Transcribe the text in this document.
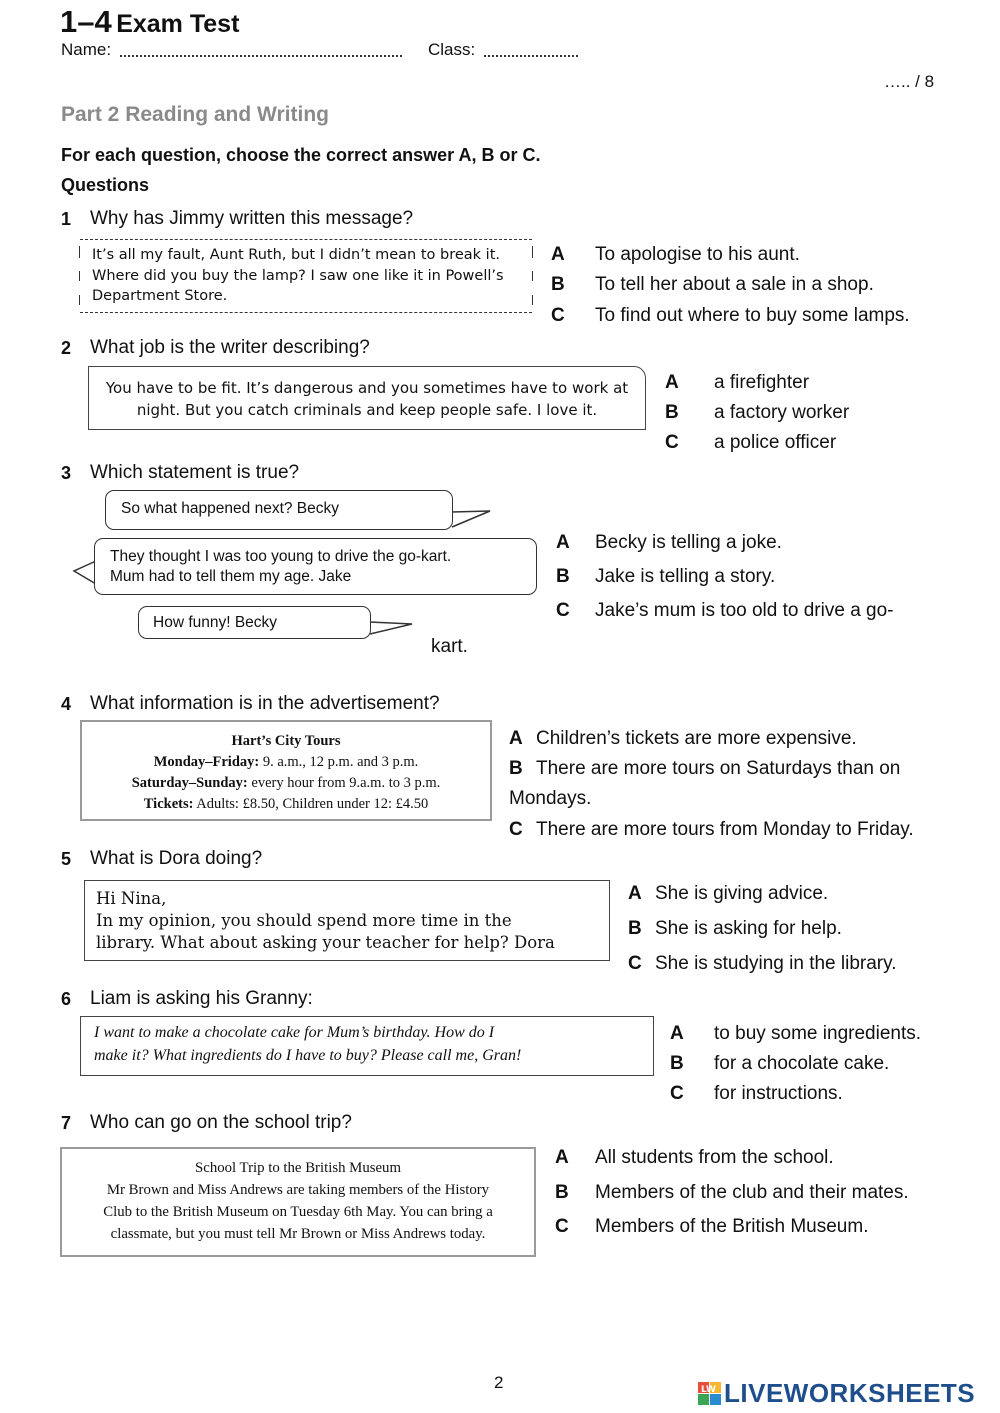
1–4 Exam Test
Name:	Class:
….. / 8
Part 2 Reading and Writing
For each question, choose the correct answer A, B or C.
Questions
1 Why has Jimmy written this message?
It’s all my fault, Aunt Ruth, but I didn’t mean to break it.
Where did you buy the lamp? I saw one like it in Powell’s
Department Store.
A To apologise to his aunt.
B To tell her about a sale in a shop.
C To find out where to buy some lamps.
2 What job is the writer describing?
You have to be fit. It’s dangerous and you sometimes have to work at
night. But you catch criminals and keep people safe. I love it.
A a firefighter
B a factory worker
C a police officer
3 Which statement is true?
So what happened next? Becky
They thought I was too young to drive the go-kart.
Mum had to tell them my age. Jake
How funny! Becky
A Becky is telling a joke.
B Jake is telling a story.
C Jake’s mum is too old to drive a go-
kart.
4 What information is in the advertisement?
Hart’s City Tours
Monday–Friday: 9. a.m., 12 p.m. and 3 p.m.
Saturday–Sunday: every hour from 9.a.m. to 3 p.m.
Tickets: Adults: £8.50, Children under 12: £4.50
A Children’s tickets are more expensive.
B There are more tours on Saturdays than on
Mondays.
C There are more tours from Monday to Friday.
5 What is Dora doing?
Hi Nina,
In my opinion, you should spend more time in the
library. What about asking your teacher for help? Dora
A She is giving advice.
B She is asking for help.
C She is studying in the library.
6 Liam is asking his Granny:
I want to make a chocolate cake for Mum’s birthday. How do I
make it? What ingredients do I have to buy? Please call me, Gran!
A to buy some ingredients.
B for a chocolate cake.
C for instructions.
7 Who can go on the school trip?
School Trip to the British Museum
Mr Brown and Miss Andrews are taking members of the History
Club to the British Museum on Tuesday 6th May. You can bring a
classmate, but you must tell Mr Brown or Miss Andrews today.
A All students from the school.
B Members of the club and their mates.
C Members of the British Museum.
2	LW LIVEWORKSHEETS
